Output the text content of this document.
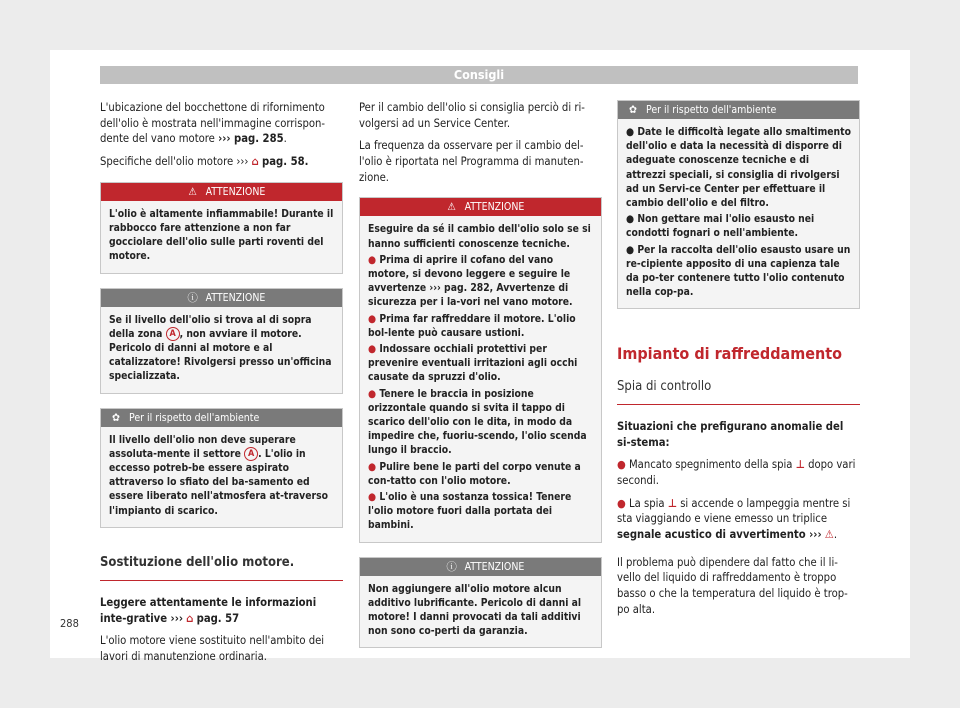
Consigli

L'ubicazione del bocchettone di rifornimento dell'olio è mostrata nell'immagine corrispon-dente del vano motore ››› pag. 285.

Specifiche dell'olio motore ››› ⌂ pag. 58.

⚠ ATTENZIONE

L'olio è altamente infiammabile! Durante il rabbocco fare attenzione a non far gocciolare dell'olio sulle parti roventi del motore.

ⓘ ATTENZIONE

Se il livello dell'olio si trova al di sopra della zona A , non avviare il motore. Pericolo di danni al motore e al catalizzatore! Rivolgersi presso un'officina specializzata.

✿ Per il rispetto dell'ambiente

Il livello dell'olio non deve superare assoluta-mente il settore A . L'olio in eccesso potreb-be essere aspirato attraverso lo sfiato del ba-samento ed essere liberato nell'atmosfera at-traverso l'impianto di scarico.

Sostituzione dell'olio motore.

Leggere attentamente le informazioni inte-grative ››› ⌂ pag. 57

L'olio motore viene sostituito nell'ambito dei lavori di manutenzione ordinaria.

Per il cambio dell'olio si consiglia perciò di ri-volgersi ad un Service Center.

La frequenza da osservare per il cambio del-l'olio è riportata nel Programma di manuten-zione.

⚠ ATTENZIONE

Eseguire da sé il cambio dell'olio solo se si hanno sufficienti conoscenze tecniche.

● Prima di aprire il cofano del vano motore, si devono leggere e seguire le avvertenze ››› pag. 282, Avvertenze di sicurezza per i la-vori nel vano motore.

● Prima far raffreddare il motore. L'olio bol-lente può causare ustioni.

● Indossare occhiali protettivi per prevenire eventuali irritazioni agli occhi causate da spruzzi d'olio.

● Tenere le braccia in posizione orizzontale quando si svita il tappo di scarico dell'olio con le dita, in modo da impedire che, fuoriu-scendo, l'olio scenda lungo il braccio.

● Pulire bene le parti del corpo venute a con-tatto con l'olio motore.

● L'olio è una sostanza tossica! Tenere l'olio motore fuori dalla portata dei bambini.

ⓘ ATTENZIONE

Non aggiungere all'olio motore alcun additivo lubrificante. Pericolo di danni al motore! I danni provocati da tali additivi non sono co-perti da garanzia.

✿ Per il rispetto dell'ambiente

● Date le difficoltà legate allo smaltimento dell'olio e data la necessità di disporre di adeguate conoscenze tecniche e di attrezzi speciali, si consiglia di rivolgersi ad un Servi-ce Center per effettuare il cambio dell'olio e del filtro.

● Non gettare mai l'olio esausto nei condotti fognari o nell'ambiente.

● Per la raccolta dell'olio esausto usare un re-cipiente apposito di una capienza tale da po-ter contenere tutto l'olio contenuto nella cop-pa.

Impianto di raffreddamento
Spia di controllo

Situazioni che prefigurano anomalie del si-stema:

● Mancato spegnimento della spia ⊥ dopo vari secondi.

● La spia ⊥ si accende o lampeggia mentre si sta viaggiando e viene emesso un triplice segnale acustico di avvertimento ››› ⚠.

Il problema può dipendere dal fatto che il li-vello del liquido di raffreddamento è troppo basso o che la temperatura del liquido è trop-po alta.

288
